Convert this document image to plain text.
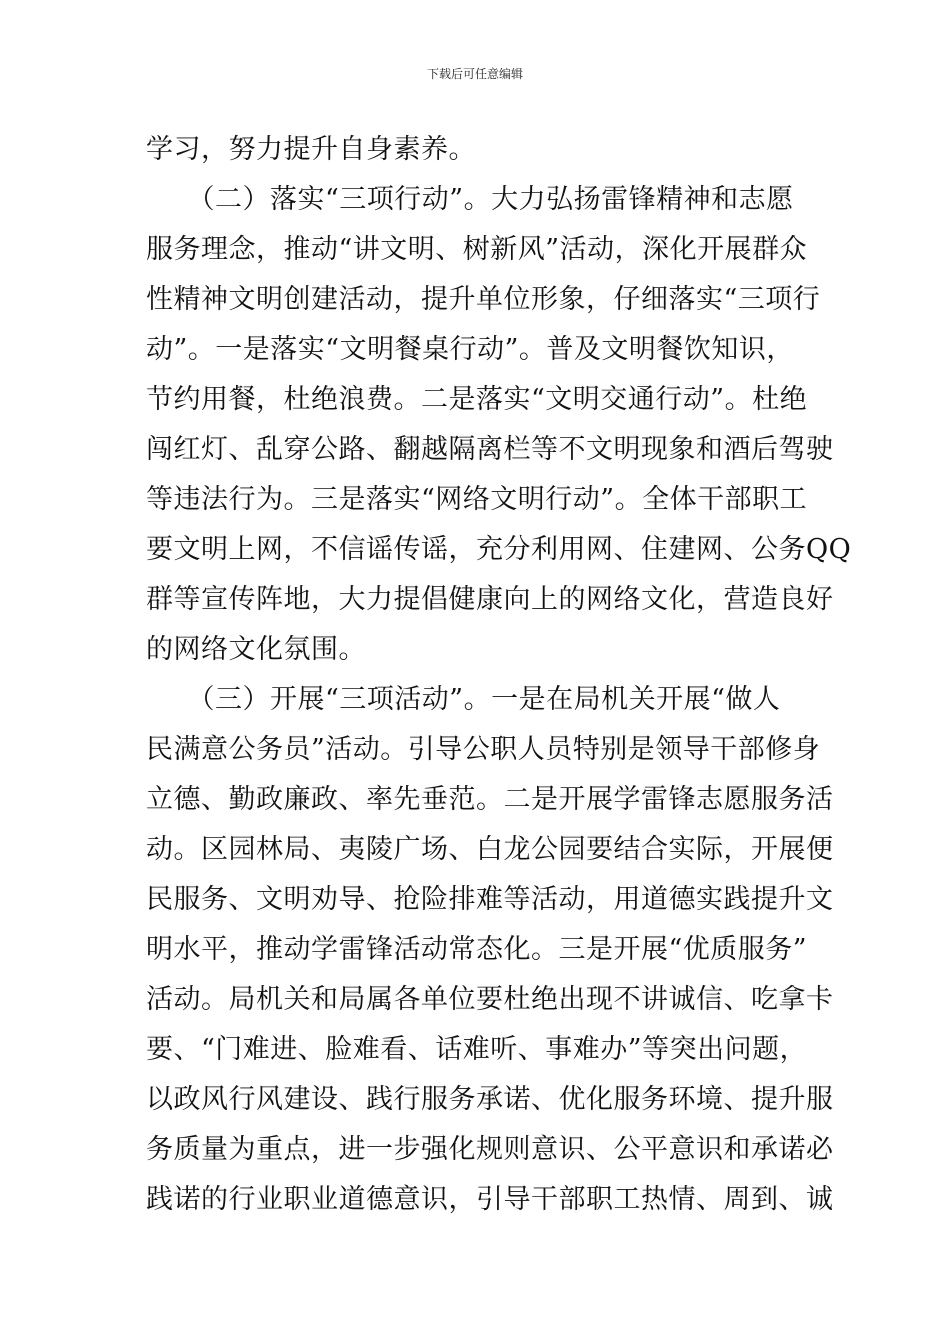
下载后可任意编辑
学习，努力提升自身素养。
　　（二）落实“三项行动”。大力弘扬雷锋精神和志愿
服务理念，推动“讲文明、树新风”活动，深化开展群众
性精神文明创建活动，提升单位形象，仔细落实“三项行
动”。一是落实“文明餐桌行动”。普及文明餐饮知识，
节约用餐，杜绝浪费。二是落实“文明交通行动”。杜绝
闯红灯、乱穿公路、翻越隔离栏等不文明现象和酒后驾驶
等违法行为。三是落实“网络文明行动”。全体干部职工
要文明上网，不信谣传谣，充分利用网、住建网、公务QQ
群等宣传阵地，大力提倡健康向上的网络文化，营造良好
的网络文化氛围。
　　（三）开展“三项活动”。一是在局机关开展“做人
民满意公务员”活动。引导公职人员特别是领导干部修身
立德、勤政廉政、率先垂范。二是开展学雷锋志愿服务活
动。区园林局、夷陵广场、白龙公园要结合实际，开展便
民服务、文明劝导、抢险排难等活动，用道德实践提升文
明水平，推动学雷锋活动常态化。三是开展“优质服务”
活动。局机关和局属各单位要杜绝出现不讲诚信、吃拿卡
要、“门难进、脸难看、话难听、事难办”等突出问题，
以政风行风建设、践行服务承诺、优化服务环境、提升服
务质量为重点，进一步强化规则意识、公平意识和承诺必
践诺的行业职业道德意识，引导干部职工热情、周到、诚
